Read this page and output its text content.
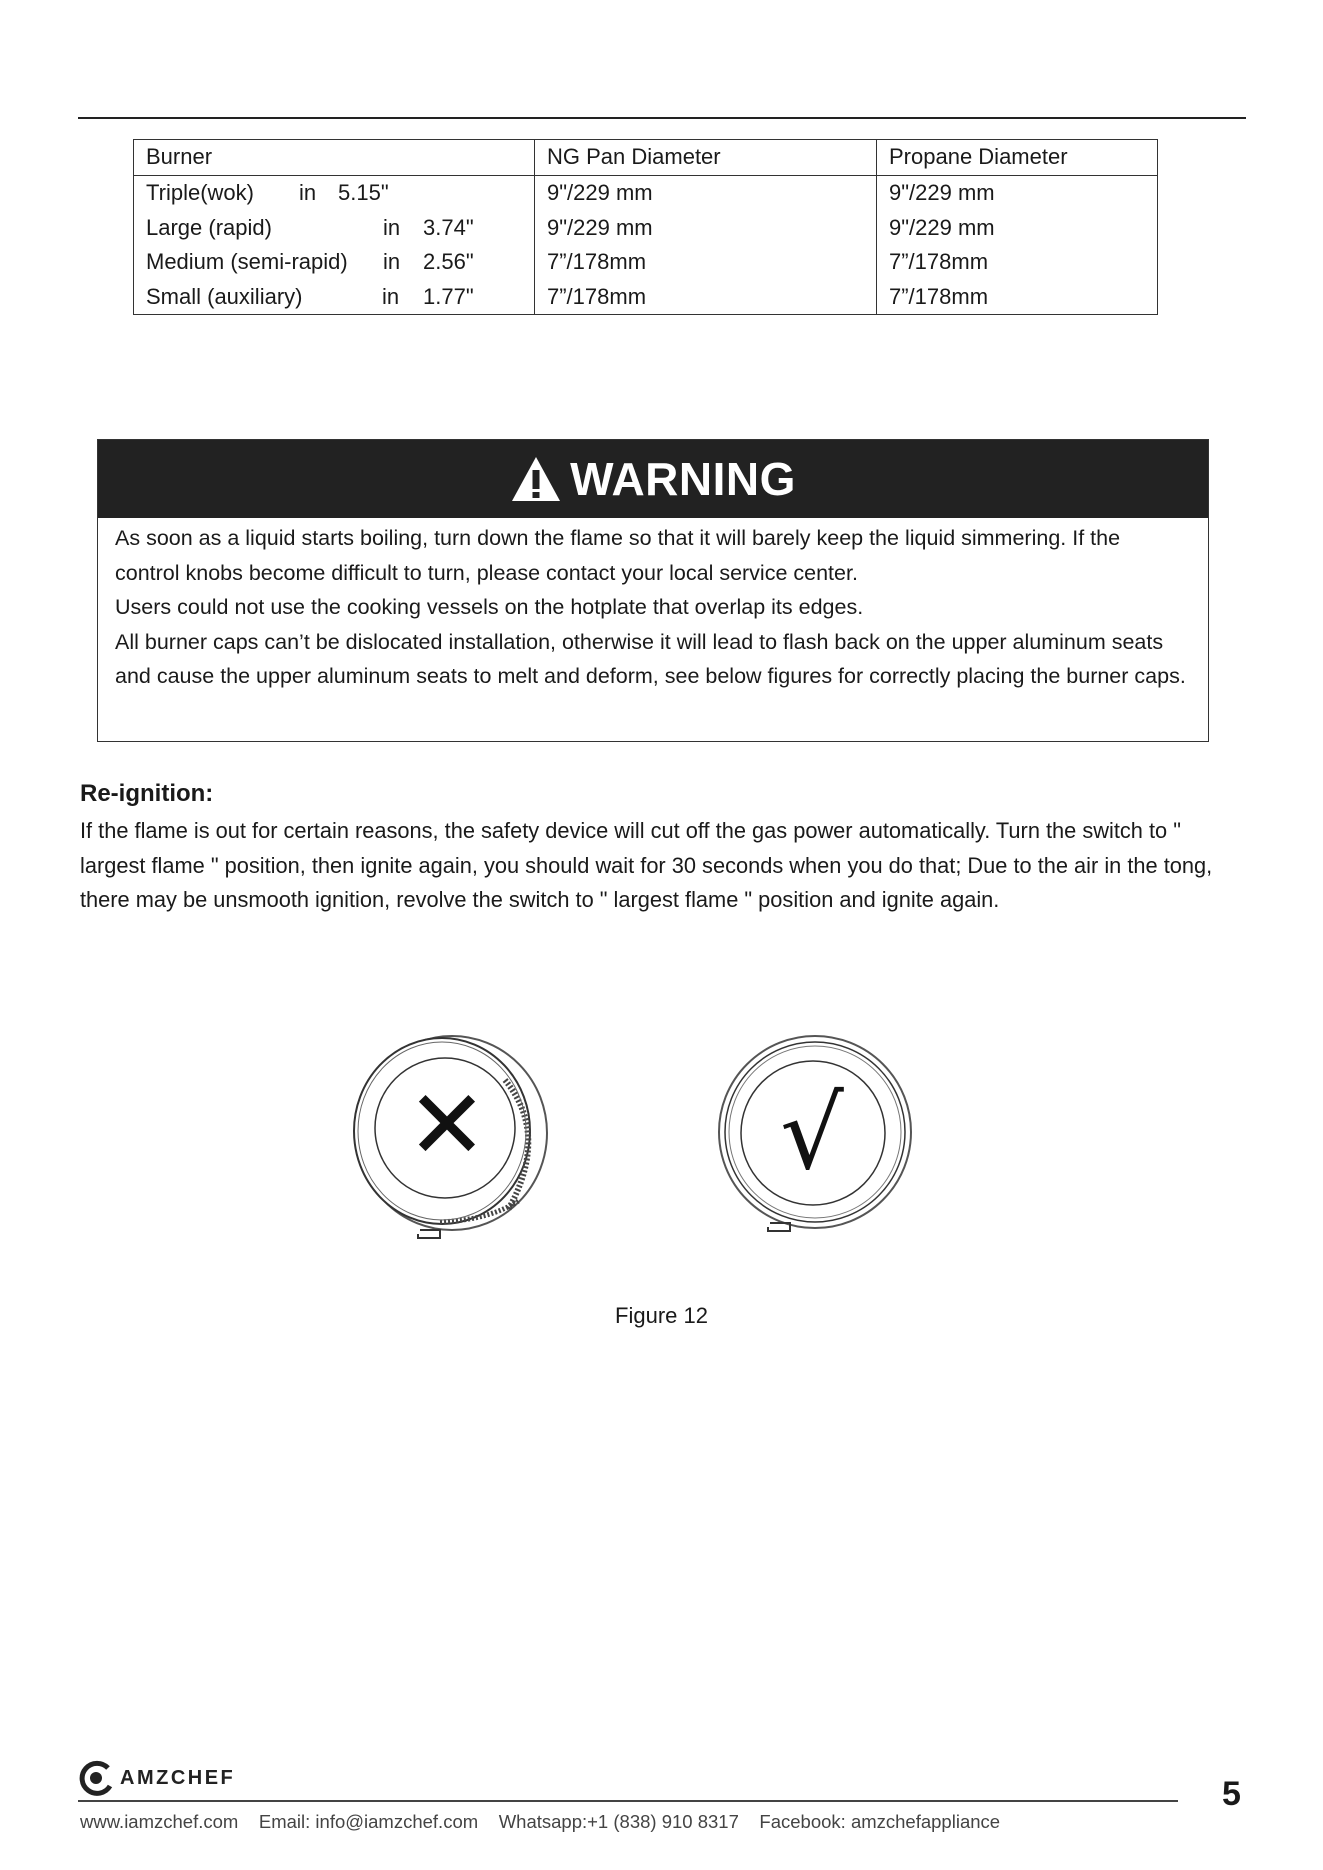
Burner	NG Pan Diameter	Propane Diameter
Triple(wok) in 5.15"	9"/229 mm	9"/229 mm
Large (rapid) in 3.74"	9"/229 mm	9"/229 mm
Medium (semi-rapid) in 2.56"	7”/178mm	7”/178mm
Small (auxiliary) in 1.77"	7”/178mm	7”/178mm
WARNING

As soon as a liquid starts boiling, turn down the flame so that it will barely keep the liquid simmering. If the control knobs become difficult to turn, please contact your local service center.

Users could not use the cooking vessels on the hotplate that overlap its edges.

All burner caps can’t be dislocated installation, otherwise it will lead to flash back on the upper aluminum seats and cause the upper aluminum seats to melt and deform, see below figures for correctly placing the burner caps.

Re-ignition:

If the flame is out for certain reasons, the safety device will cut off the gas power automatically. Turn the switch to " largest flame " position, then ignite again, you should wait for 30 seconds when you do that; Due to the air in the tong, there may be unsmooth ignition, revolve the switch to " largest flame " position and ignite again.

✕	√
Figure 12
AMZCHEF
www.iamzchef.com    Email: info@iamzchef.com    Whatsapp:+1 (838) 910 8317    Facebook: amzchefappliance
5
